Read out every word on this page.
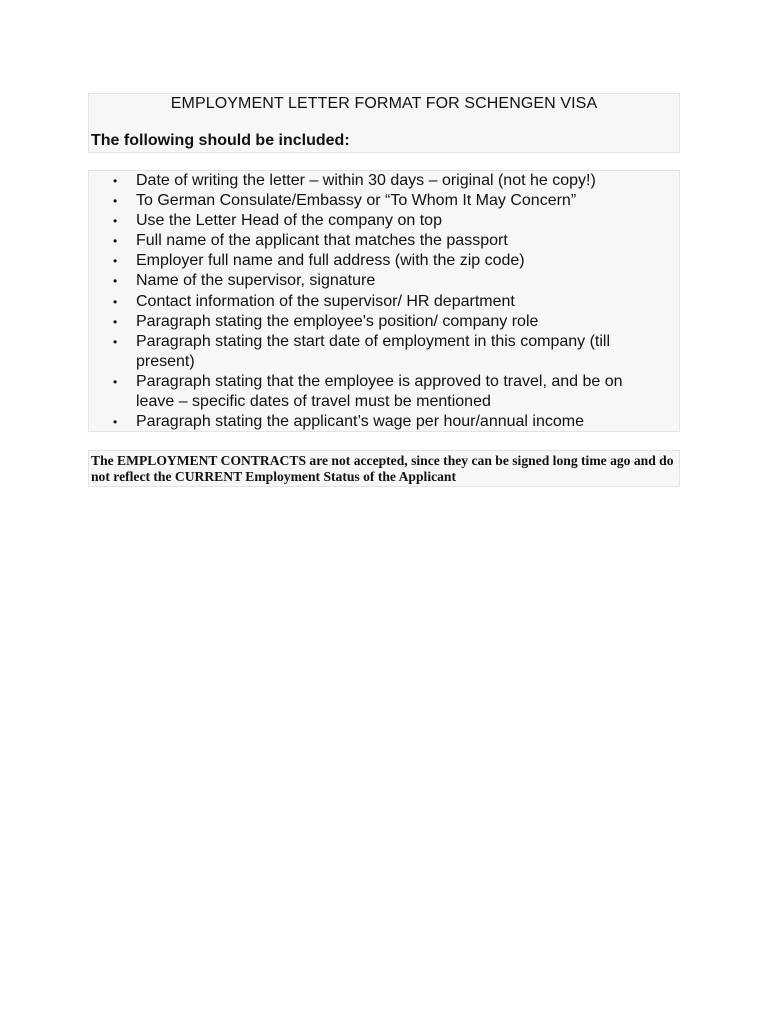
EMPLOYMENT LETTER FORMAT FOR SCHENGEN VISA
The following should be included:
• Date of writing the letter – within 30 days – original (not he copy!)
• To German Consulate/Embassy or “To Whom It May Concern”
• Use the Letter Head of the company on top
• Full name of the applicant that matches the passport
• Employer full name and full address (with the zip code)
• Name of the supervisor, signature
• Contact information of the supervisor/ HR department
• Paragraph stating the employee's position/ company role
• Paragraph stating the start date of employment in this company (till present)
• Paragraph stating that the employee is approved to travel, and be on leave – specific dates of travel must be mentioned
• Paragraph stating the applicant’s wage per hour/annual income
The EMPLOYMENT CONTRACTS are not accepted, since they can be signed long time ago and do not reflect the CURRENT Employment Status of the Applicant
